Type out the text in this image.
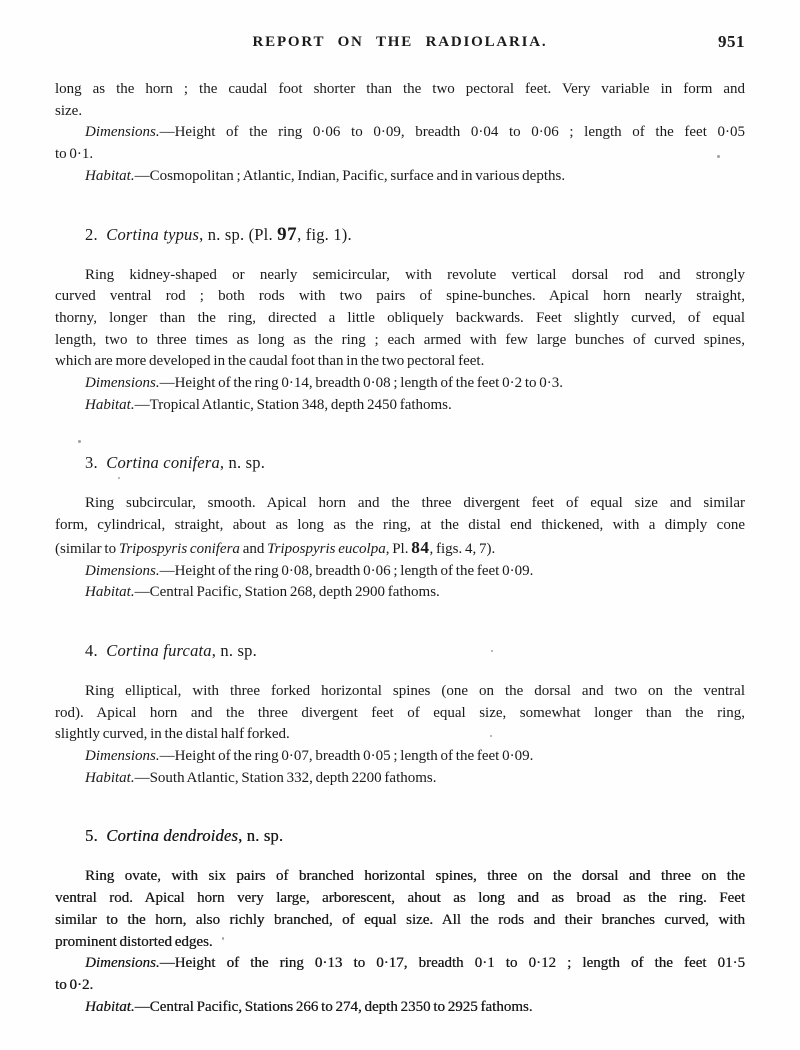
REPORT ON THE RADIOLARIA.	951
long as the horn ; the caudal foot shorter than the two pectoral feet. Very variable in form and
size.
Dimensions.—Height of the ring 0·06 to 0·09, breadth 0·04 to 0·06 ; length of the feet 0·05
to 0·1.
Habitat.—Cosmopolitan ; Atlantic, Indian, Pacific, surface and in various depths.
2. Cortina typus, n. sp. (Pl. 97, fig. 1).
Ring kidney-shaped or nearly semicircular, with revolute vertical dorsal rod and strongly
curved ventral rod ; both rods with two pairs of spine-bunches. Apical horn nearly straight,
thorny, longer than the ring, directed a little obliquely backwards. Feet slightly curved, of equal
length, two to three times as long as the ring ; each armed with few large bunches of curved spines,
which are more developed in the caudal foot than in the two pectoral feet.
Dimensions.—Height of the ring 0·14, breadth 0·08 ; length of the feet 0·2 to 0·3.
Habitat.—Tropical Atlantic, Station 348, depth 2450 fathoms.
3. Cortina conifera, n. sp.
Ring subcircular, smooth. Apical horn and the three divergent feet of equal size and similar
form, cylindrical, straight, about as long as the ring, at the distal end thickened, with a dimply cone
(similar to Tripospyris conifera and Tripospyris eucolpa, Pl. 84, figs. 4, 7).
Dimensions.—Height of the ring 0·08, breadth 0·06 ; length of the feet 0·09.
Habitat.—Central Pacific, Station 268, depth 2900 fathoms.
4. Cortina furcata, n. sp.
Ring elliptical, with three forked horizontal spines (one on the dorsal and two on the ventral
rod). Apical horn and the three divergent feet of equal size, somewhat longer than the ring,
slightly curved, in the distal half forked.
Dimensions.—Height of the ring 0·07, breadth 0·05 ; length of the feet 0·09.
Habitat.—South Atlantic, Station 332, depth 2200 fathoms.
5. Cortina dendroides, n. sp.
Ring ovate, with six pairs of branched horizontal spines, three on the dorsal and three on the
ventral rod. Apical horn very large, arborescent, ahout as long and as broad as the ring. Feet
similar to the horn, also richly branched, of equal size. All the rods and their branches curved, with
prominent distorted edges.
Dimensions.—Height of the ring 0·13 to 0·17, breadth 0·1 to 0·12 ; length of the feet 01·5
to 0·2.
Habitat.—Central Pacific, Stations 266 to 274, depth 2350 to 2925 fathoms.
